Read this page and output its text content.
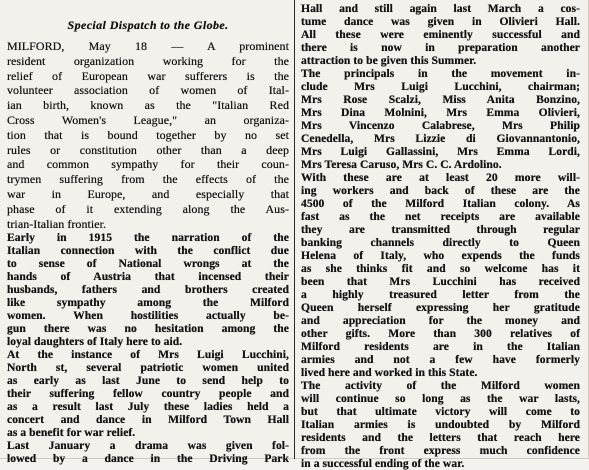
Special Dispatch to the Globe.
MILFORD, May 18 — A prominent
resident organization working for the
relief of European war sufferers is the
volunteer association of women of Ital-
ian birth, known as the "Italian Red
Cross Women's League," an organiza-
tion that is bound together by no set
rules or constitution other than a deep
and common sympathy for their coun-
trymen suffering from the effects of the
war in Europe, and especially that
phase of it extending along the Aus-
trian-Italian frontier.
Early in 1915 the narration of the
Italian connection with the conflict due
to sense of National wrongs at the
hands of Austria that incensed their
husbands, fathers and brothers created
like sympathy among the Milford
women. When hostilities actually be-
gun there was no hesitation among the
loyal daughters of Italy here to aid.
At the instance of Mrs Luigi Lucchini,
North st, several patriotic women united
as early as last June to send help to
their suffering fellow country people and
as a result last July these ladies held a
concert and dance in Milford Town Hall
as a benefit for war relief.
Last January a drama was given fol-
lowed by a dance in the Driving Park
Hall and still again last March a cos-
tume dance was given in Olivieri Hall.
All these were eminently successful and
there is now in preparation another
attraction to be given this Summer.
The principals in the movement in-
clude Mrs Luigi Lucchini, chairman;
Mrs Rose Scalzi, Miss Anita Bonzino,
Mrs Dina Molnini, Mrs Emma Olivieri,
Mrs Vincenzo Calabrese, Mrs Philip
Cenedella, Mrs Lizzie di Giovannantonio,
Mrs Luigi Gallassini, Mrs Emma Lordi,
Mrs Teresa Caruso, Mrs C. C. Ardolino.
With these are at least 20 more will-
ing workers and back of these are the
4500 of the Milford Italian colony. As
fast as the net receipts are available
they are transmitted through regular
banking channels directly to Queen
Helena of Italy, who expends the funds
as she thinks fit and so welcome has it
been that Mrs Lucchini has received
a highly treasured letter from the
Queen herself expressing her gratitude
and appreciation for the money and
other gifts. More than 300 relatives of
Milford residents are in the Italian
armies and not a few have formerly
lived here and worked in this State.
The activity of the Milford women
will continue so long as the war lasts,
but that ultimate victory will come to
Italian armies is undoubted by Milford
residents and the letters that reach here
from the front express much confidence
in a successful ending of the war.
